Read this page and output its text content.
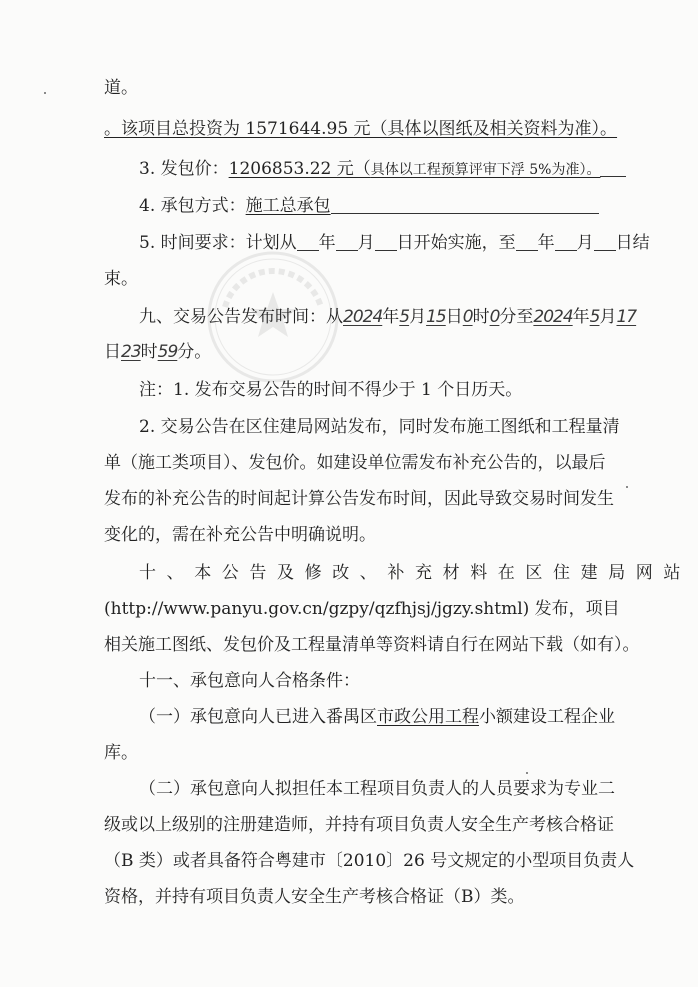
道。
。该项目总投资为 1571644.95 元（具体以图纸及相关资料为准）。
3. 发包价：1206853.22 元（具体以工程预算评审下浮 5%为准）。
4. 承包方式：施工总承包
5. 时间要求：计划从 年 月 日开始实施，至 年 月 日结
束。
九、交易公告发布时间：从2024年5月15日0时0分至2024年5月17
日23时59分。
注：1. 发布交易公告的时间不得少于 1 个日历天。
2. 交易公告在区住建局网站发布，同时发布施工图纸和工程量清
单（施工类项目）、发包价。如建设单位需发布补充公告的，以最后
发布的补充公告的时间起计算公告发布时间，因此导致交易时间发生
变化的，需在补充公告中明确说明。
十、本公告及修改、补充材料在区住建局网站
(http://www.panyu.gov.cn/gzpy/qzfhjsj/jgzy.shtml) 发布，项目
相关施工图纸、发包价及工程量清单等资料请自行在网站下载（如有）。
十一、承包意向人合格条件：
（一）承包意向人已进入番禺区市政公用工程小额建设工程企业
库。
（二）承包意向人拟担任本工程项目负责人的人员要求为专业二
级或以上级别的注册建造师，并持有项目负责人安全生产考核合格证
（B 类）或者具备符合粤建市〔2010〕26 号文规定的小型项目负责人
资格，并持有项目负责人安全生产考核合格证（B）类。
